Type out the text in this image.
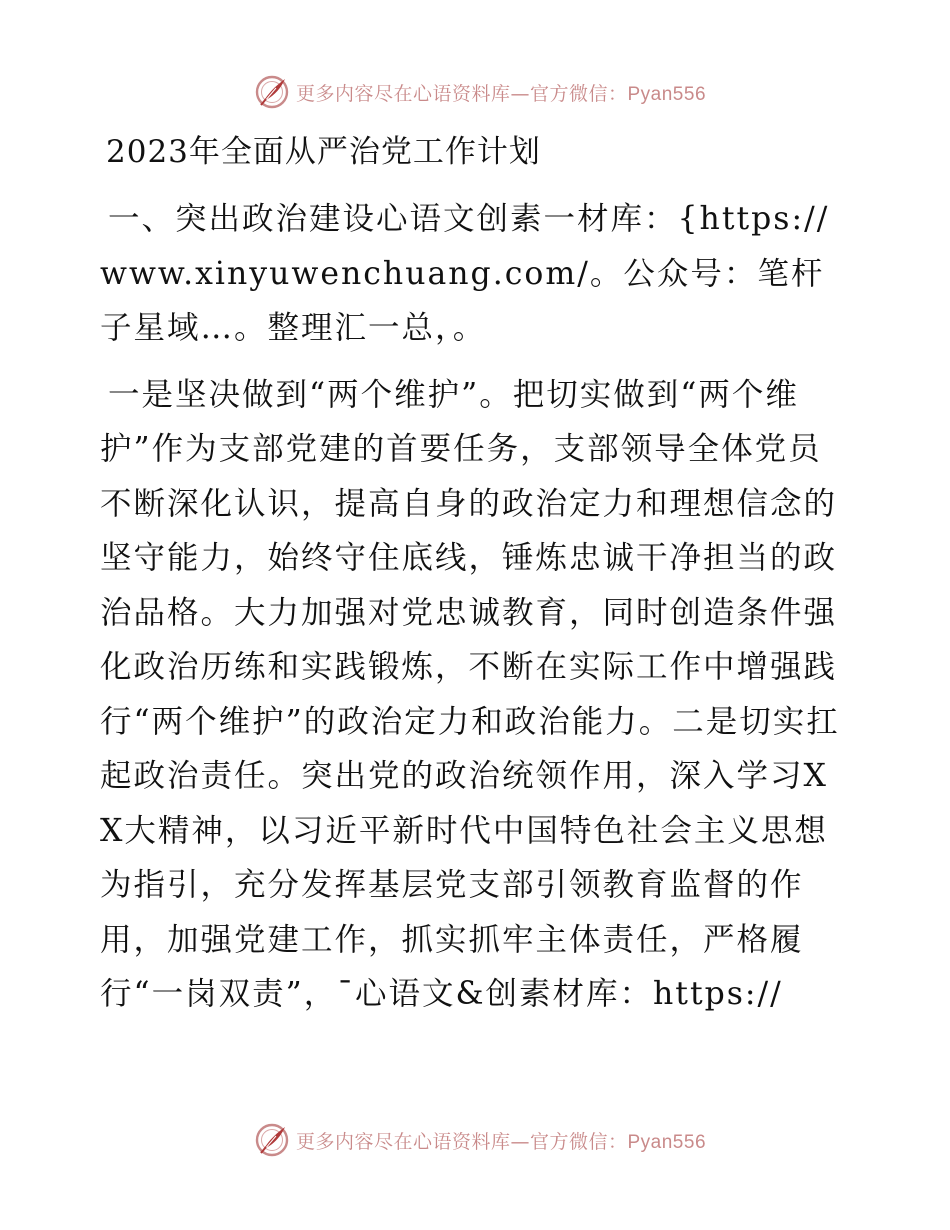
更多内容尽在心语资料库—官方微信：Pyan556
2023年全面从严治党工作计划

一、突出政治建设心语文创素一材库：{https://www.xinyuwenchuang.com/。公众号：笔杆子星域…。整理汇一总，。

一是坚决做到“两个维护”。把切实做到“两个维护”作为支部党建的首要任务，支部领导全体党员不断深化认识，提高自身的政治定力和理想信念的坚守能力，始终守住底线，锤炼忠诚干净担当的政治品格。大力加强对党忠诚教育，同时创造条件强化政治历练和实践锻炼，不断在实际工作中增强践行“两个维护”的政治定力和政治能力。二是切实扛起政治责任。突出党的政治统领作用，深入学习XX大精神，以习近平新时代中国特色社会主义思想为指引，充分发挥基层党支部引领教育监督的作用，加强党建工作，抓实抓牢主体责任，严格履行“一岗双责”，¯心语文&创素材库：https://

更多内容尽在心语资料库—官方微信：Pyan556
